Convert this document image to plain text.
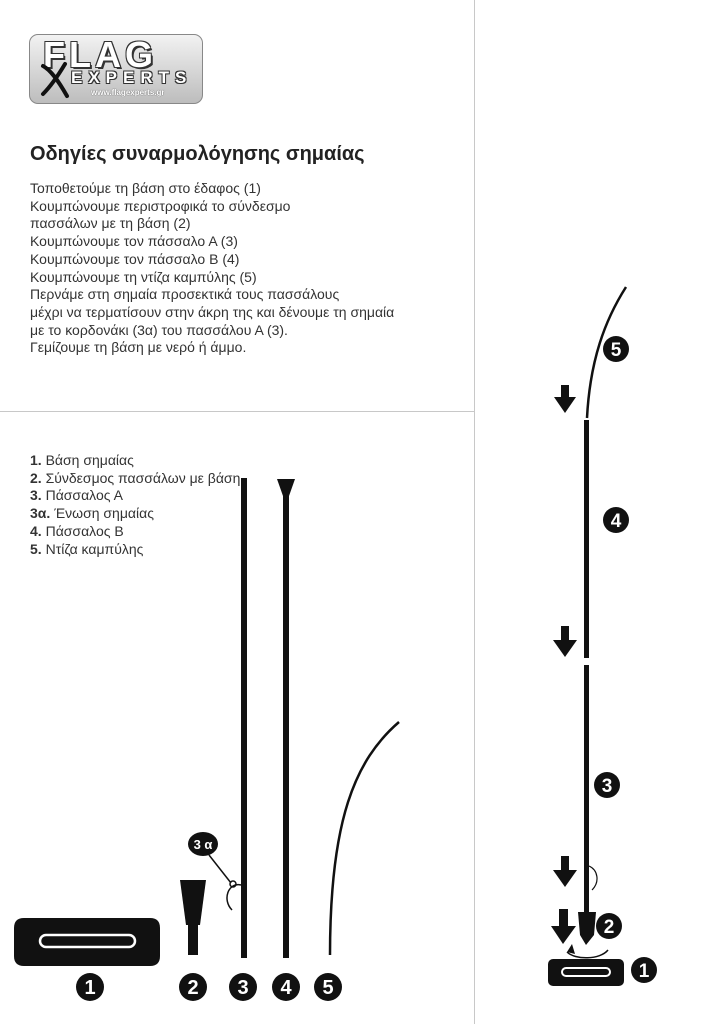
FLAG
EXPERTS
www.flagexperts.gr
Οδηγίες συναρμολόγησης σημαίας
Τοποθετούμε τη βάση στο έδαφος (1)
Κουμπώνουμε περιστροφικά το σύνδεσμο
πασσάλων με τη βάση (2)
Κουμπώνουμε τον πάσσαλο Α (3)
Κουμπώνουμε τον πάσσαλο Β (4)
Κουμπώνουμε τη ντίζα καμπύλης (5)
Περνάμε στη σημαία προσεκτικά τους πασσάλους
μέχρι να τερματίσουν στην άκρη της και δένουμε τη σημαία
με το κορδονάκι (3α) του πασσάλου Α (3).
Γεμίζουμε τη βάση με νερό ή άμμο.
1. Βάση σημαίας
2. Σύνδεσμος πασσάλων με βάση
3. Πάσσαλος Α
3α. Ένωση σημαίας
4. Πάσσαλος Β
5. Ντίζα καμπύλης
3 α
1	2 3 4 5
5
4
3
2
1
